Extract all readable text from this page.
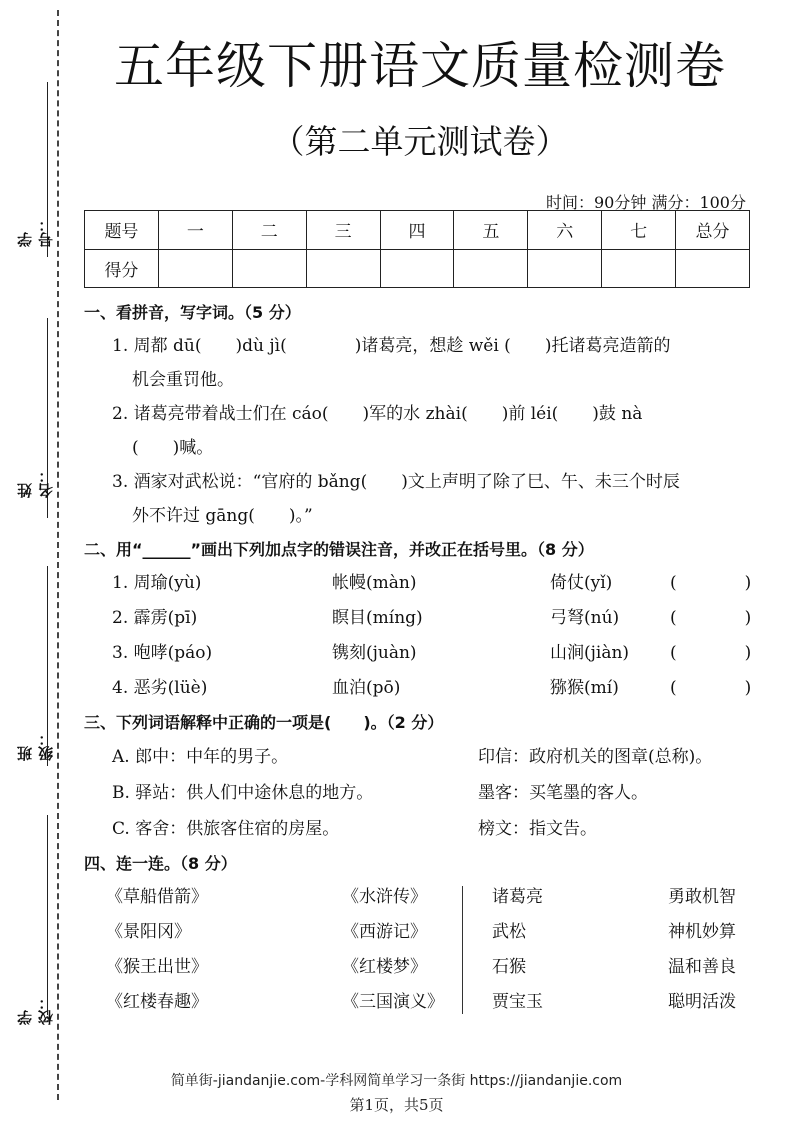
学号：
姓名：
班级：
学校：
五年级下册语文质量检测卷
（第二单元测试卷）
时间：90分钟 满分：100分
题号	一	二	三	四	五	六	七	总分
得分								
一、看拼音，写字词。（5 分）
1. 周都 dū(　　)dù jì(　　　　)诸葛亮，想趁 wěi (　　)托诸葛亮造箭的
机会重罚他。
2. 诸葛亮带着战士们在 cáo(　　)军的水 zhài(　　)前 léi(　　)鼓 nà
(　　)喊。
3. 酒家对武松说：“官府的 bǎng(　　)文上声明了除了巳、午、未三个时辰
外不许过 gāng(　　)。”
二、用“______”画出下列加点字的错误注音，并改正在括号里。（8 分）
1. 周瑜(yù)	帐幔(màn)	倚仗(yǐ)	(　　　　)
2. 霹雳(pī)	瞑目(míng)	弓弩(nú)	(　　　　)
3. 咆哮(páo)	镌刻(juàn)	山涧(jiàn) (　　　　)
4. 恶劣(lüè)	血泊(pō)	猕猴(mí)	(　　　　)
三、下列词语解释中正确的一项是(　　)。（2 分）
A. 郎中：中年的男子。	印信：政府机关的图章(总称)。
B. 驿站：供人们中途休息的地方。	墨客：买笔墨的客人。
C. 客舍：供旅客住宿的房屋。	榜文：指文告。
四、连一连。（8 分）
《草船借箭》	《水浒传》	诸葛亮	勇敢机智
《景阳冈》	《西游记》	武松	神机妙算
《猴王出世》	《红楼梦》	石猴	温和善良
《红楼春趣》	《三国演义》	贾宝玉	聪明活泼
简单街-jiandanjie.com-学科网简单学习一条街 https://jiandanjie.com
第1页，共5页
